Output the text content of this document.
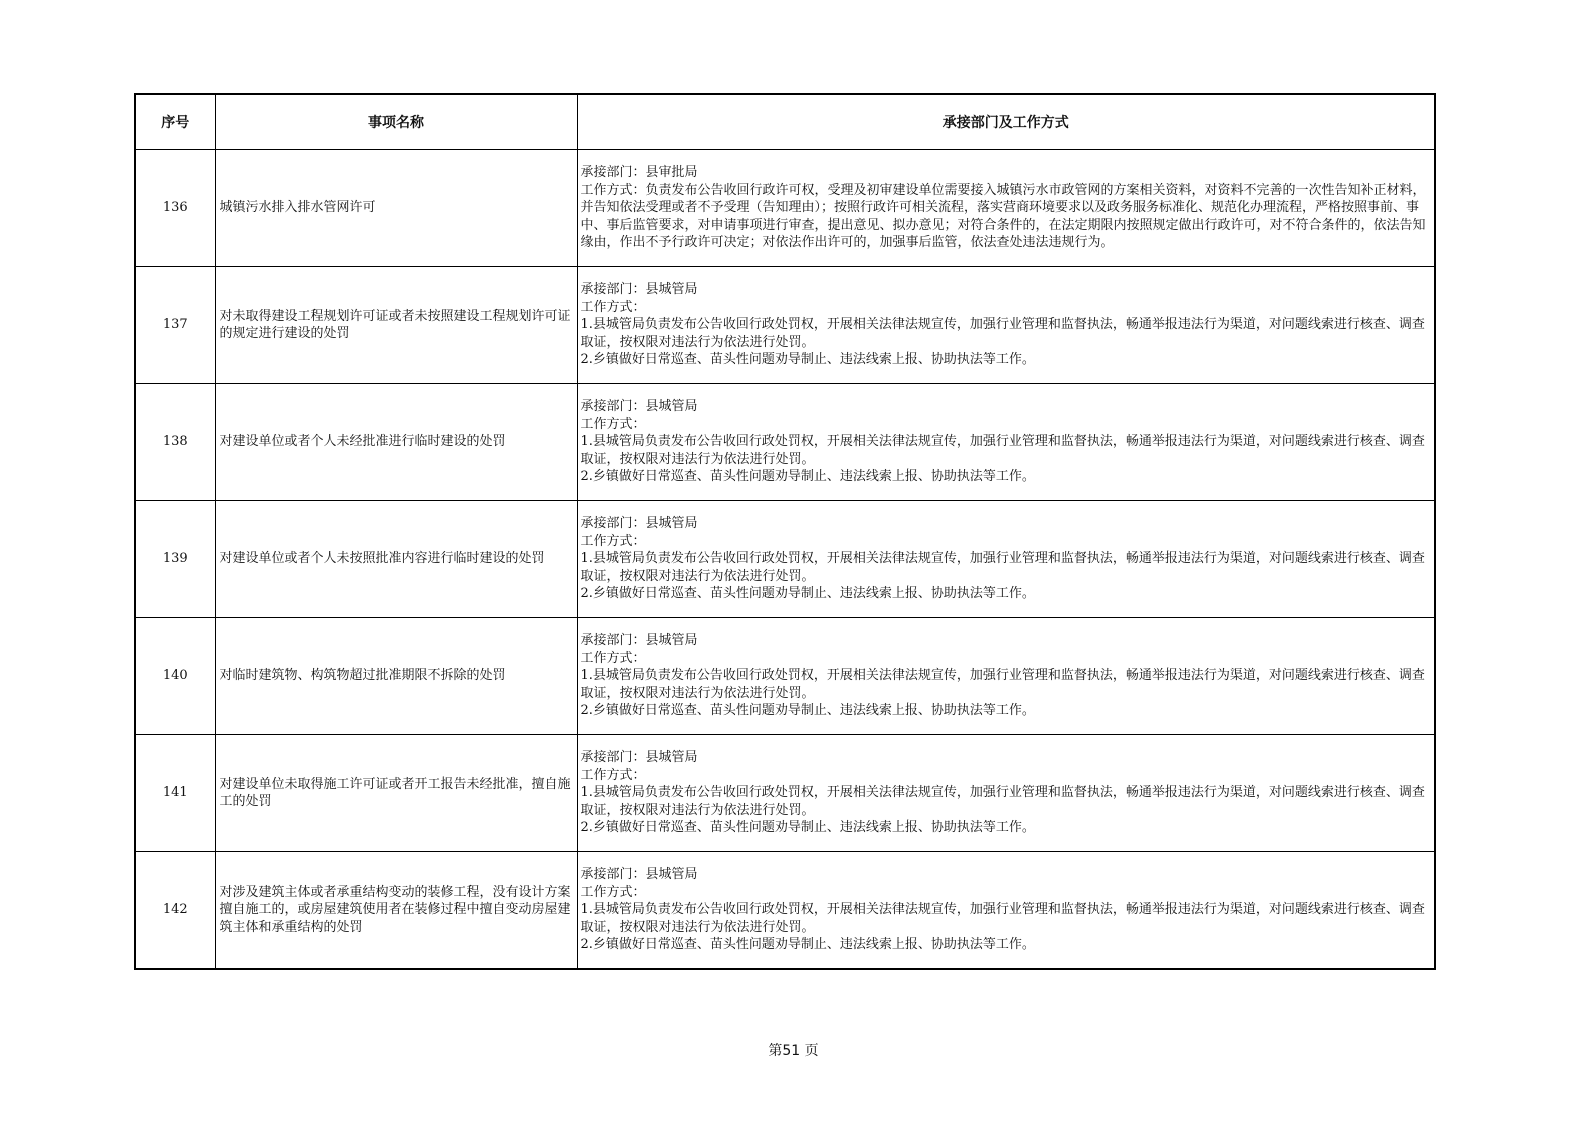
序号	事项名称	承接部门及工作方式
136	城镇污水排入排水管网许可	承接部门：县审批局
工作方式：负责发布公告收回行政许可权，受理及初审建设单位需要接入城镇污水市政管网的方案相关资料，对资料不完善的一次性告知补正材料，并告知依法受理或者不予受理（告知理由）；按照行政许可相关流程，落实营商环境要求以及政务服务标准化、规范化办理流程，严格按照事前、事中、事后监管要求，对申请事项进行审查，提出意见、拟办意见；对符合条件的，在法定期限内按照规定做出行政许可，对不符合条件的，依法告知缘由，作出不予行政许可决定；对依法作出许可的，加强事后监管，依法查处违法违规行为。

137	对未取得建设工程规划许可证或者未按照建设工程规划许可证的规定进行建设的处罚	承接部门：县城管局
工作方式：
1.县城管局负责发布公告收回行政处罚权，开展相关法律法规宣传，加强行业管理和监督执法，畅通举报违法行为渠道，对问题线索进行核查、调查取证，按权限对违法行为依法进行处罚。
2.乡镇做好日常巡查、苗头性问题劝导制止、违法线索上报、协助执法等工作。

138	对建设单位或者个人未经批准进行临时建设的处罚	承接部门：县城管局
工作方式：
1.县城管局负责发布公告收回行政处罚权，开展相关法律法规宣传，加强行业管理和监督执法，畅通举报违法行为渠道，对问题线索进行核查、调查取证，按权限对违法行为依法进行处罚。
2.乡镇做好日常巡查、苗头性问题劝导制止、违法线索上报、协助执法等工作。

139	对建设单位或者个人未按照批准内容进行临时建设的处罚	承接部门：县城管局
工作方式：
1.县城管局负责发布公告收回行政处罚权，开展相关法律法规宣传，加强行业管理和监督执法，畅通举报违法行为渠道，对问题线索进行核查、调查取证，按权限对违法行为依法进行处罚。
2.乡镇做好日常巡查、苗头性问题劝导制止、违法线索上报、协助执法等工作。

140	对临时建筑物、构筑物超过批准期限不拆除的处罚	承接部门：县城管局
工作方式：
1.县城管局负责发布公告收回行政处罚权，开展相关法律法规宣传，加强行业管理和监督执法，畅通举报违法行为渠道，对问题线索进行核查、调查取证，按权限对违法行为依法进行处罚。
2.乡镇做好日常巡查、苗头性问题劝导制止、违法线索上报、协助执法等工作。

141	对建设单位未取得施工许可证或者开工报告未经批准，擅自施工的处罚	承接部门：县城管局
工作方式：
1.县城管局负责发布公告收回行政处罚权，开展相关法律法规宣传，加强行业管理和监督执法，畅通举报违法行为渠道，对问题线索进行核查、调查取证，按权限对违法行为依法进行处罚。
2.乡镇做好日常巡查、苗头性问题劝导制止、违法线索上报、协助执法等工作。

142	对涉及建筑主体或者承重结构变动的装修工程，没有设计方案擅自施工的，或房屋建筑使用者在装修过程中擅自变动房屋建筑主体和承重结构的处罚	承接部门：县城管局
工作方式：
1.县城管局负责发布公告收回行政处罚权，开展相关法律法规宣传，加强行业管理和监督执法，畅通举报违法行为渠道，对问题线索进行核查、调查取证，按权限对违法行为依法进行处罚。
2.乡镇做好日常巡查、苗头性问题劝导制止、违法线索上报、协助执法等工作。
第51 页
